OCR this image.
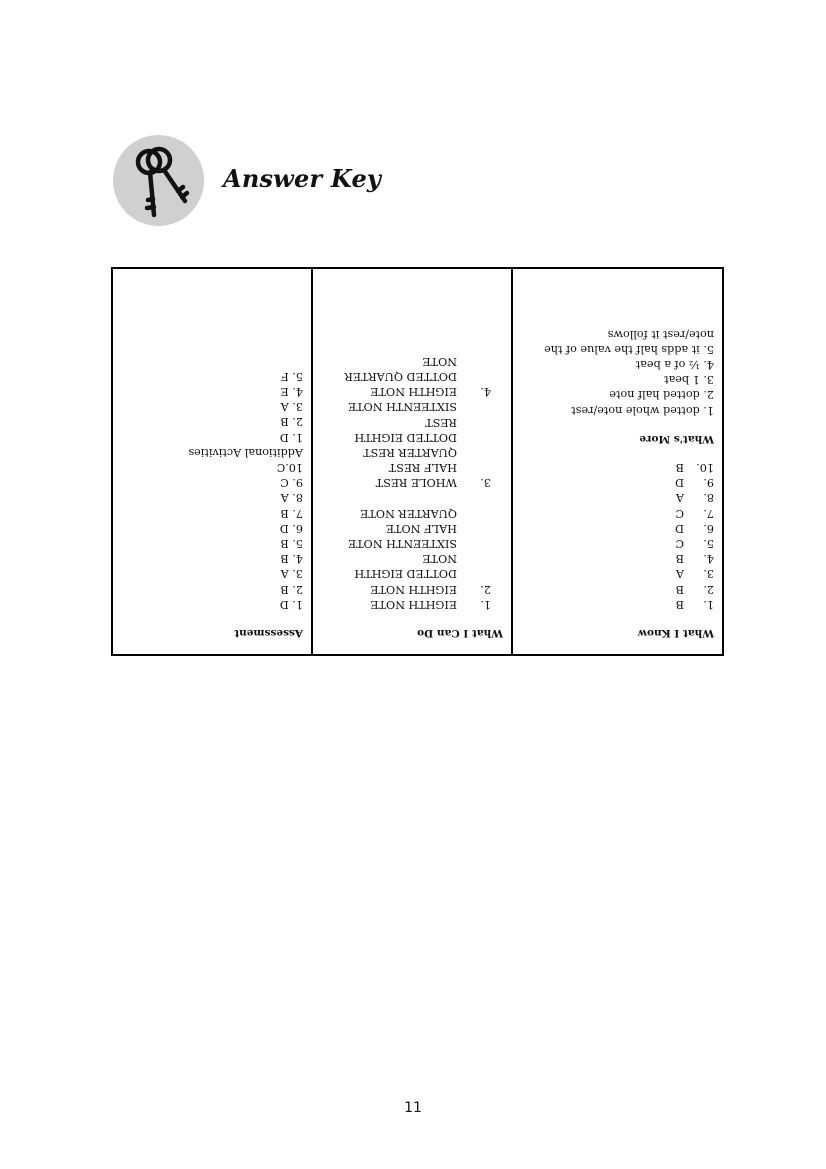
Answer Key
Assessment
1. D
2. B
3. A
4. B
5. B
6. D
7. B
8. A
9. C
10.C
Additional Activities
1. D
2. B
3. A
4. E
5. F
What I Can Do
1.
EIGHTH NOTE
2.
EIGHTH NOTE
DOTTED EIGHTH
NOTE
SIXTEENTH NOTE
HALF NOTE
QUARTER NOTE
3.
WHOLE REST
HALF REST
QUARTER REST
DOTTED EIGHTH
REST
SIXTEENTH NOTE
4.
EIGHTH NOTE
DOTTED QUARTER
NOTE
What I Know
1.
B
2.
B
3.
A
4.
B
5.
C
6.
D
7.
C
8.
A
9.
D
10.
B
What's More
1. dotted whole note/rest
2. dotted half note
3. 1 beat
4. ½ of a beat
5. it adds half the value of the
note/rest it follows
11
